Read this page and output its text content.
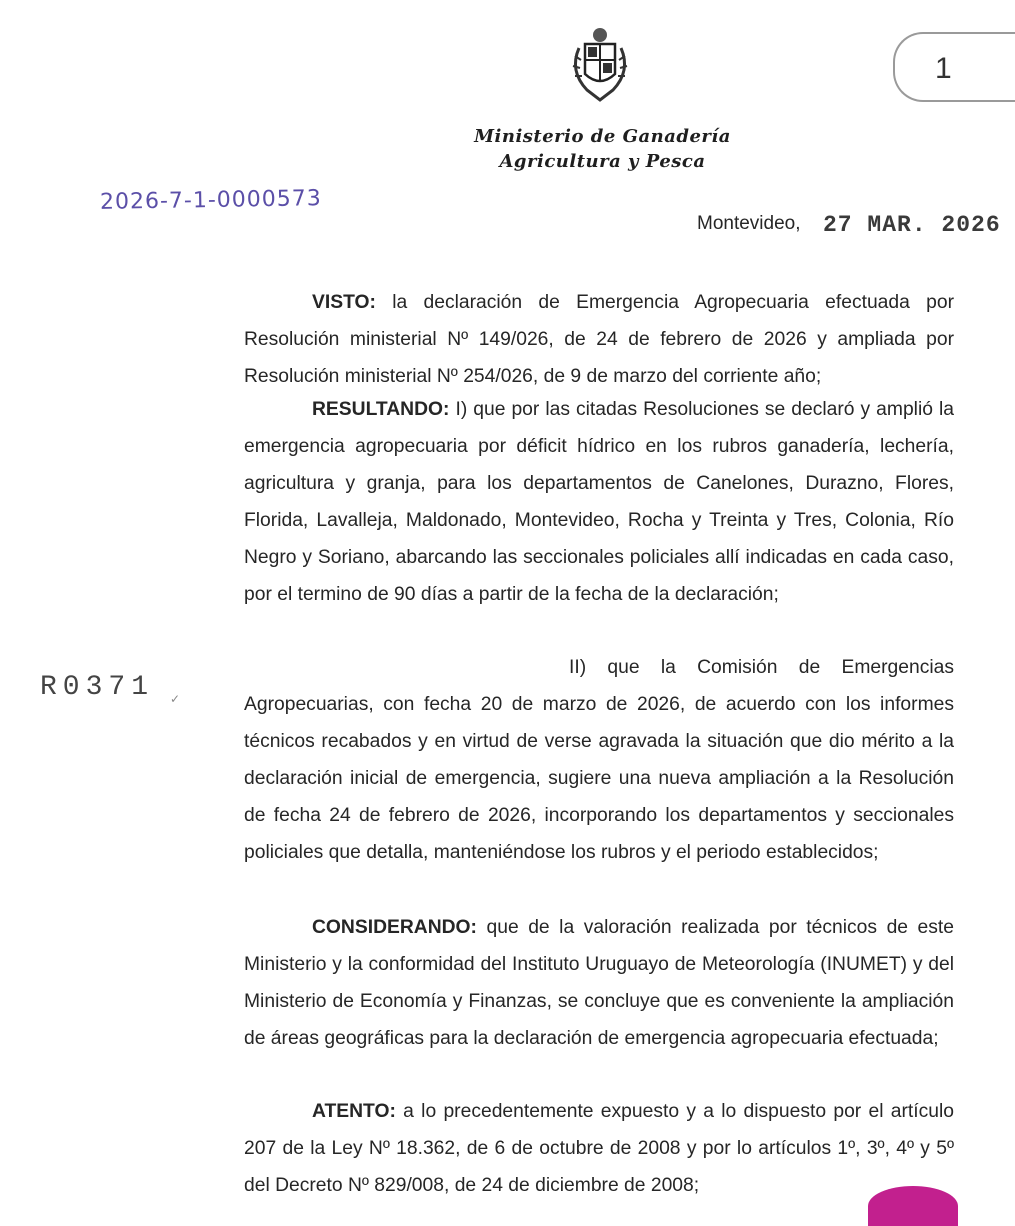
1
Ministerio de Ganadería
Agricultura y Pesca
2026-7-1-0000573
Montevideo, 27 MAR. 2026
R0371 ✓

VISTO: la declaración de Emergencia Agropecuaria efectuada por Resolución ministerial Nº 149/026, de 24 de febrero de 2026 y ampliada por Resolución ministerial Nº 254/026, de 9 de marzo del corriente año;

RESULTANDO: I) que por las citadas Resoluciones se declaró y amplió la emergencia agropecuaria por déficit hídrico en los rubros ganadería, lechería, agricultura y granja, para los departamentos de Canelones, Durazno, Flores, Florida, Lavalleja, Maldonado, Montevideo, Rocha y Treinta y Tres, Colonia, Río Negro y Soriano, abarcando las seccionales policiales allí indicadas en cada caso, por el termino de 90 días a partir de la fecha de la declaración;

II) que la Comisión de Emergencias Agropecuarias, con fecha 20 de marzo de 2026, de acuerdo con los informes técnicos recabados y en virtud de verse agravada la situación que dio mérito a la declaración inicial de emergencia, sugiere una nueva ampliación a la Resolución de fecha 24 de febrero de 2026, incorporando los departamentos y seccionales policiales que detalla, manteniéndose los rubros y el periodo establecidos;

CONSIDERANDO: que de la valoración realizada por técnicos de este Ministerio y la conformidad del Instituto Uruguayo de Meteorología (INUMET) y del Ministerio de Economía y Finanzas, se concluye que es conveniente la ampliación de áreas geográficas para la declaración de emergencia agropecuaria efectuada;

ATENTO: a lo precedentemente expuesto y a lo dispuesto por el artículo 207 de la Ley Nº 18.362, de 6 de octubre de 2008 y por lo artículos 1º, 3º, 4º y 5º del Decreto Nº 829/008, de 24 de diciembre de 2008;
